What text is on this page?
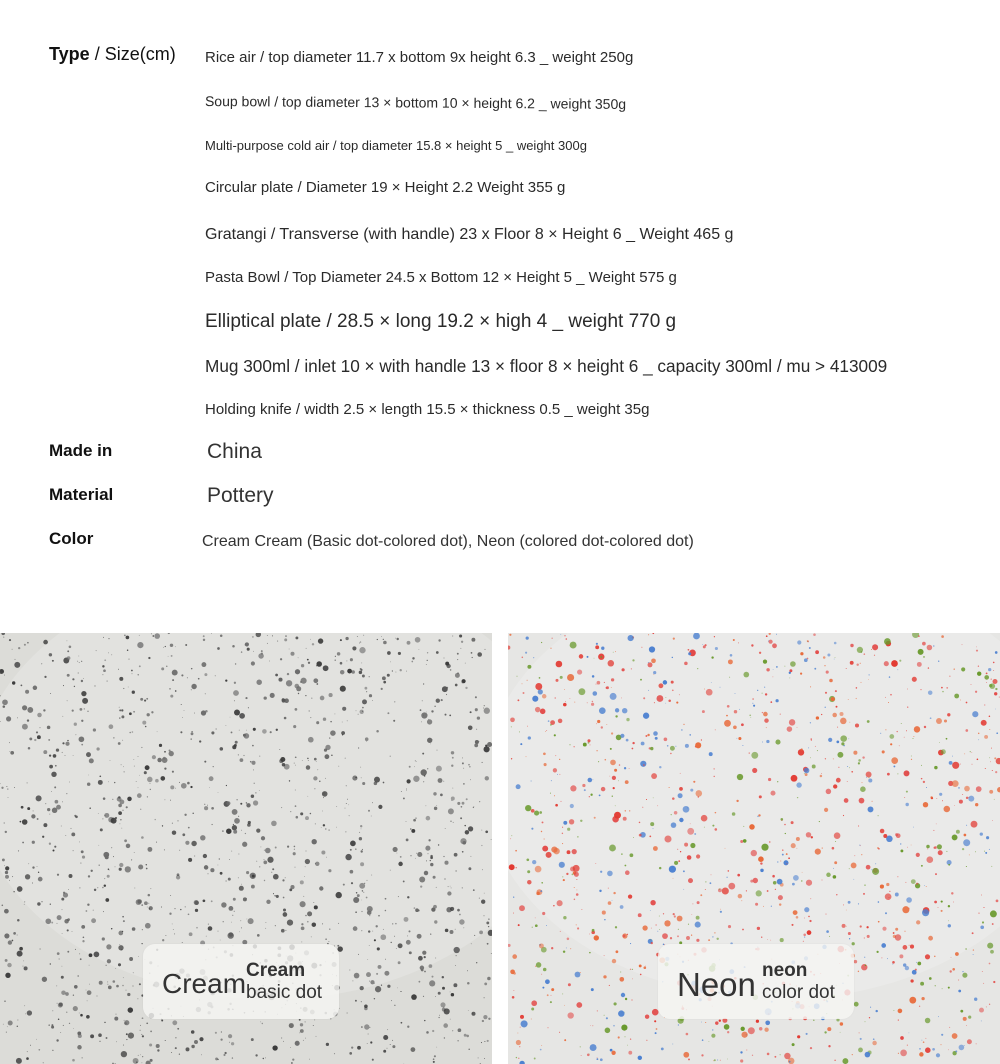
Type / Size(cm) Rice air / top diameter 11.7 x bottom 9x height 6.3 _ weight 250g
Soup bowl / top diameter 13 × bottom 10 × height 6.2 _ weight 350g
Multi-purpose cold air / top diameter 15.8 × height 5 _ weight 300g
Circular plate / Diameter 19 × Height 2.2 Weight 355 g
Gratangi / Transverse (with handle) 23 x Floor 8 × Height 6 _ Weight 465 g
Pasta Bowl / Top Diameter 24.5 x Bottom 12 × Height 5 _ Weight 575 g
Elliptical plate / 28.5 × long 19.2 × high 4 _ weight 770 g
Mug 300ml / inlet 10 × with handle 13 × floor 8 × height 6 _ capacity 300ml / mu > 413009
Holding knife / width 2.5 × length 15.5 × thickness 0.5 _ weight 35g
Made in	China
Material	Pottery
Color	Cream Cream (Basic dot-colored dot), Neon (colored dot-colored dot)
Cream Cream
basic dot	Neon neon
color dot
